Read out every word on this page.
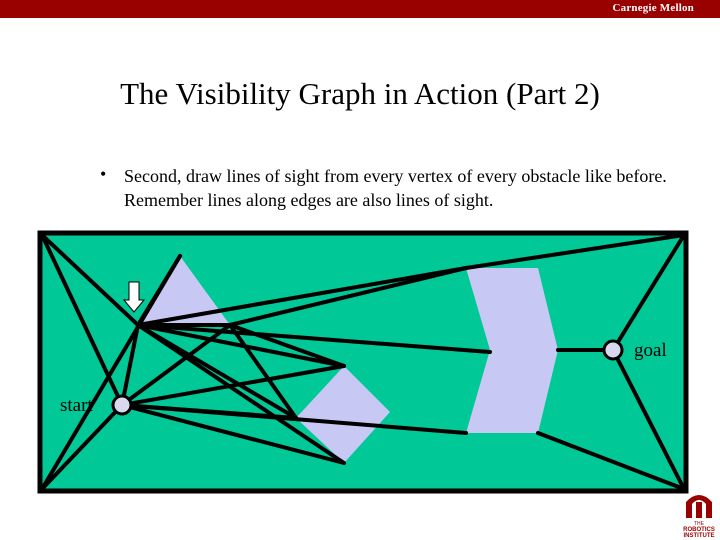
Carnegie Mellon
The Visibility Graph in Action (Part 2)
• Second, draw lines of sight from every vertex of every obstacle like before. Remember lines along edges are also lines of sight.
start
goal
THE
ROBOTICS
INSTITUTE
